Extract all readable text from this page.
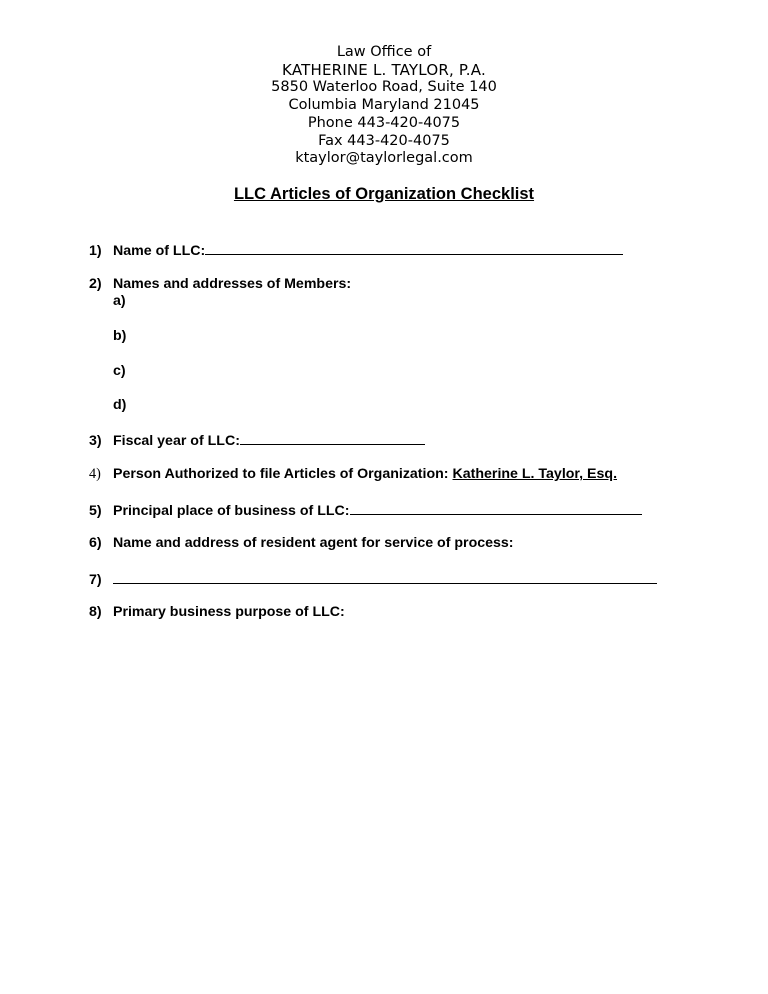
Law Office of
KATHERINE L. TAYLOR, P.A.
5850 Waterloo Road, Suite 140
Columbia Maryland 21045
Phone 443-420-4075
Fax 443-420-4075
ktaylor@taylorlegal.com
LLC Articles of Organization Checklist
1) Name of LLC:
2) Names and addresses of Members:
a)
b)
c)
d)
3) Fiscal year of LLC:
4) Person Authorized to file Articles of Organization: Katherine L. Taylor, Esq.
5) Principal place of business of LLC:
6) Name and address of resident agent for service of process:
7)
8) Primary business purpose of LLC:
